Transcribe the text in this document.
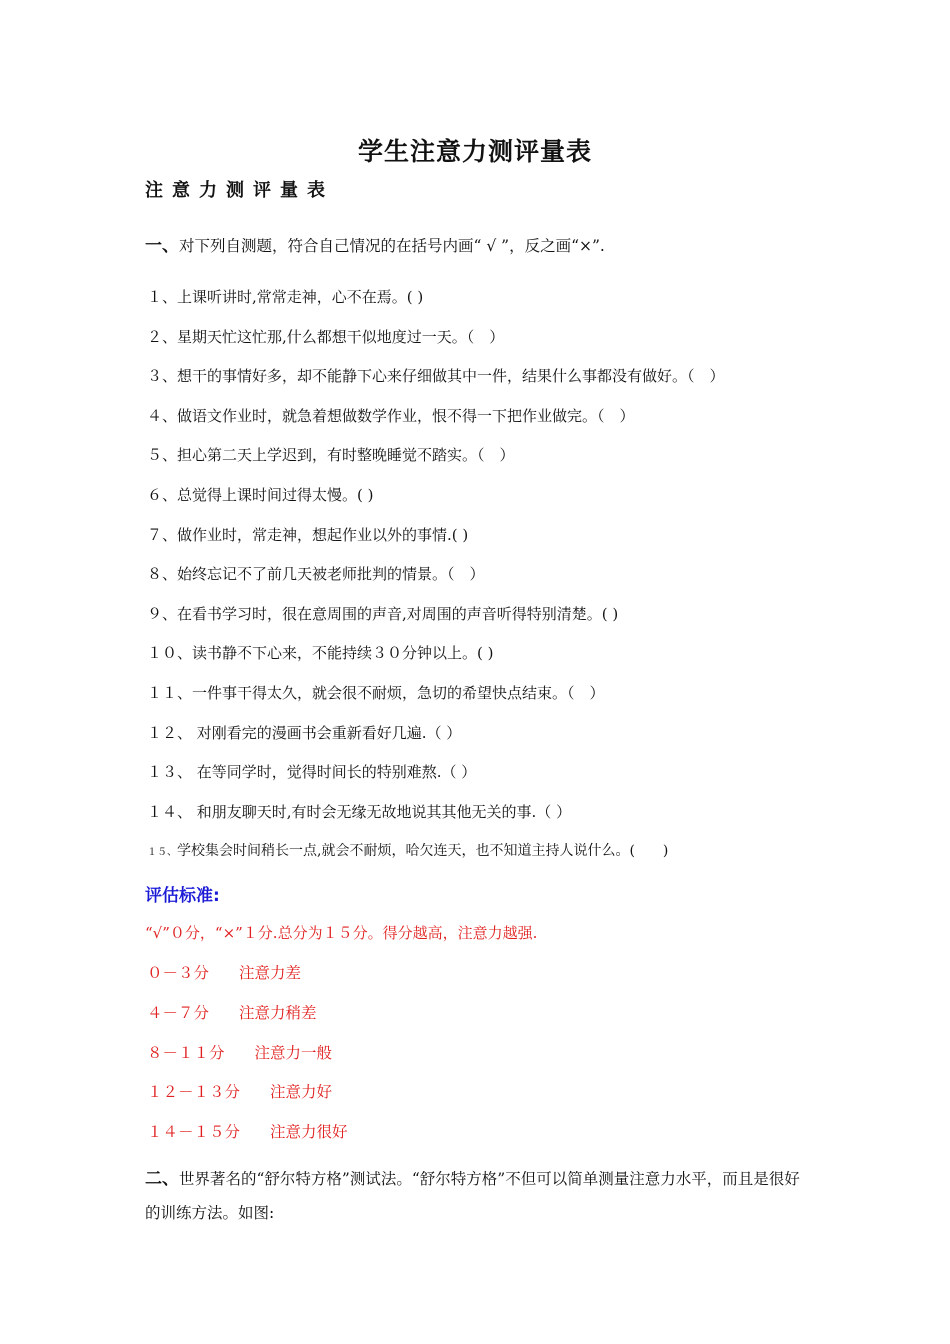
学生注意力测评量表
注意力测评量表
一、对下列自测题，符合自己情况的在括号内画“ √ ”，反之画“×”.
１、上课听讲时,常常走神，心不在焉。( )
２、星期天忙这忙那,什么都想干似地度过一天。（　）
３、想干的事情好多，却不能静下心来仔细做其中一件，结果什么事都没有做好。（　）
４、做语文作业时，就急着想做数学作业，恨不得一下把作业做完。（　）
５、担心第二天上学迟到，有时整晚睡觉不踏实。（　）
６、总觉得上课时间过得太慢。( )
７、做作业时，常走神，想起作业以外的事情.( )
８、始终忘记不了前几天被老师批判的情景。（　）
９、在看书学习时，很在意周围的声音,对周围的声音听得特别清楚。( )
１０、读书静不下心来，不能持续３０分钟以上。( )
１１、一件事干得太久，就会很不耐烦，急切的希望快点结束。（　）
１２、 对刚看完的漫画书会重新看好几遍.（ ）
１３、 在等同学时，觉得时间长的特别难熬.（ ）
１４、 和朋友聊天时,有时会无缘无故地说其其他无关的事.（ ）
１５、学校集会时间稍长一点,就会不耐烦，哈欠连天，也不知道主持人说什么。(　　)
评估标准:
“√”０分，“×”１分.总分为１５分。得分越高，注意力越强.
０－３分 注意力差
４－７分 注意力稍差
８－１１分 注意力一般
１２－１３分 注意力好
１４－１５分 注意力很好
二、世界著名的“舒尔特方格”测试法。“舒尔特方格”不但可以简单测量注意力水平，而且是很好的训练方法。如图:
